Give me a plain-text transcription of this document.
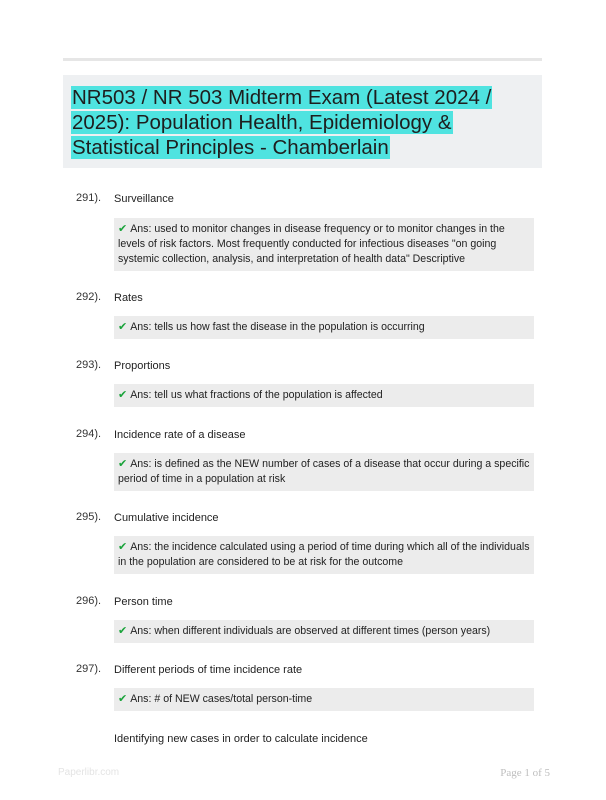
NR503 / NR 503 Midterm Exam (Latest 2024 / 2025): Population Health, Epidemiology & Statistical Principles - Chamberlain
291). Surveillance
✔ Ans: used to monitor changes in disease frequency or to monitor changes in the levels of risk factors. Most frequently conducted for infectious diseases "on going systemic collection, analysis, and interpretation of health data" Descriptive
292). Rates
✔ Ans: tells us how fast the disease in the population is occurring
293). Proportions
✔ Ans: tell us what fractions of the population is affected
294). Incidence rate of a disease
✔ Ans: is defined as the NEW number of cases of a disease that occur during a specific period of time in a population at risk
295). Cumulative incidence
✔ Ans: the incidence calculated using a period of time during which all of the individuals in the population are considered to be at risk for the outcome
296). Person time
✔ Ans: when different individuals are observed at different times (person years)
297). Different periods of time incidence rate
✔ Ans: # of NEW cases/total person-time
Identifying new cases in order to calculate incidence
Paperlibr.com	Page 1 of 5
